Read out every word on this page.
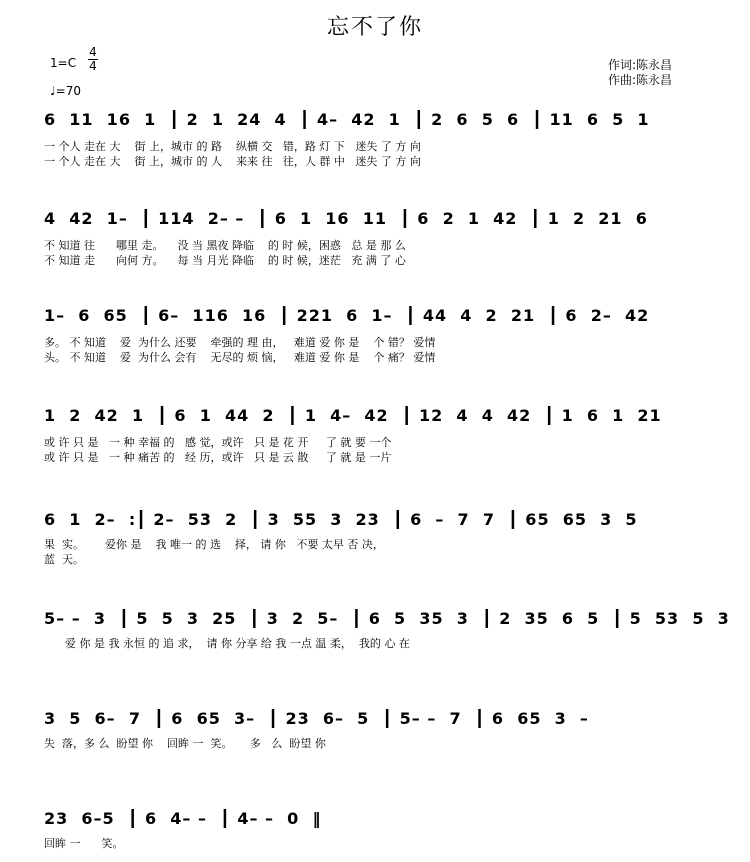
忘不了你
1=C
4
4
♩=70
作词:陈永昌
作曲:陈永昌
6  11  16  1  ┃ 2  1  24  4  ┃ 4–  42  1  ┃ 2  6  5  6  ┃ 11  6  5  1
一 个人 走在 大    街 上，城市 的 路    纵横 交   错，路 灯 下   迷失 了 方 向
一 个人 走在 大    街 上，城市 的 人    来来 往   往，人 群 中   迷失 了 方 向
4  42  1–  ┃ 114  2– –  ┃ 6  1  16  11  ┃ 6  2  1  42  ┃ 1  2  21  6
不 知道 往      哪里 走。    没 当 黑夜 降临    的 时 候，困惑   总 是 那 么
不 知道 走      向何 方。    每 当 月光 降临    的 时 候，迷茫   充 满 了 心
1–  6  65  ┃ 6–  116  16  ┃ 221  6  1–  ┃ 44  4  2  21  ┃ 6  2–  42
多。 不 知道    爱  为什么 还要    牵强的 理 由，   难道 爱 你 是    个 错？ 爱情
头。 不 知道    爱  为什么 会有    无尽的 烦 恼，   难道 爱 你 是    个 痛？ 爱情
1  2  42  1  ┃ 6  1  44  2  ┃ 1  4–  42  ┃ 12  4  4  42  ┃ 1  6  1  21
或 许 只 是   一 种 幸福 的   感 觉，或许   只 是 花 开     了 就 要 一个
或 许 只 是   一 种 痛苦 的   经 历，或许   只 是 云 散     了 就 是 一片
6  1  2–  :┃ 2–  53  2  ┃ 3  55  3  23  ┃ 6  –  7  7  ┃ 65  65  3  5
果  实。      爱你 是    我 唯一 的 选    择， 请 你   不要 太早 否 决，
蓝  天。
5– –  3  ┃ 5  5  3  25  ┃ 3  2  5–  ┃ 6  5  35  3  ┃ 2  35  6  5  ┃ 5  53  5  3
爱 你 是 我 永恒 的 追 求，  请 你 分享 给 我 一点 温 柔，  我的 心 在
3  5  6–  7  ┃ 6  65  3–  ┃ 23  6–  5  ┃ 5– –  7  ┃ 6  65  3  –
失  落，多 么  盼望 你    回眸 一  笑。     多   么  盼望 你
23  6–5  ┃ 6  4– –  ┃ 4– –  0  ‖
回眸 一      笑。
